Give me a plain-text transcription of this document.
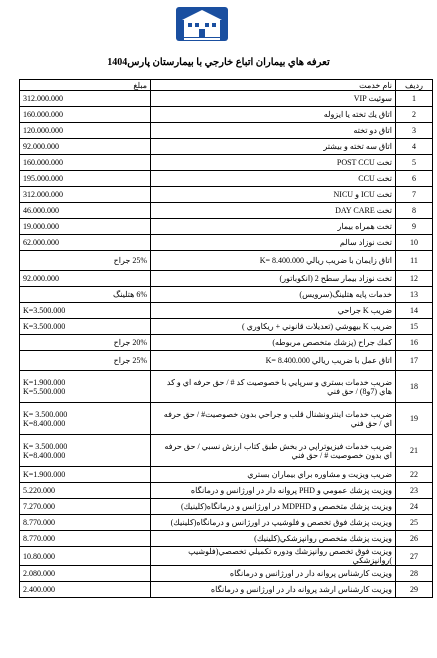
تعرفه هاي بيماران اتباع خارجي با بيمارستان پارس1404
مبلغ	نام خدمت	رديف
312.000.000	سوئيت VIP	1
160.000.000	اتاق يك تخته يا ايزوله	2
120.000.000	اتاق دو تخته	3
92.000.000	اتاق سه تخته و بيشتر	4
160.000.000	تخت POST CCU	5
195.000.000	تخت CCU	6
312.000.000	تخت ICU و NICU	7
46.000.000	تخت DAY CARE	8
19.000.000	تخت همراه بيمار	9
62.000.000	تخت نوزاد سالم	10
25% جراح	اتاق زايمان با ضريب ريالي K= 8.400.000	11
92.000.000	تخت نوزاد بيمار سطح 2 (انكوباتور)	12
6% هتلينگ	خدمات پايه هتلينگ(سرويس)	13
K=3.500.000	ضريب K جراحي	14
K=3.500.000	ضريب K بيهوشي (تعديلات قانوني + ريكاوري )	15
20% جراح	كمك جراح (پزشك متخصص مربوطه)	16
25% جراح	اتاق عمل با ضريب ريالي K= 8.400.000	17
K=1.900.000
K=5.500.000	ضريب خدمات بستري و سرپايي با خصوصيت كد # / حق حرفه اي و كد هاي (7و8) / حق فني	18
K= 3.500.000
K=8.400.000	ضريب خدمات اينترونشنال قلب و جراحي بدون خصوصيت# / حق حرفه اي / حق فني	19
K= 3.500.000
K=8.400.000	ضريب خدمات فيزيوتراپي در بخش طبق كتاب ارزش نسبي / حق حرفه اي بدون خصوصيت # / حق فني	21
K=1.900.000	ضريب ويزيت و مشاوره براي بيماران بستري	22
5.220.000	ويزيت پزشك عمومي و PHD پروانه دار در اورژانس و درمانگاه	23
7.270.000	ويزيت پزشك متخصص و MDPHD در اورژانس و درمانگاه(كلينيك)	24
8.770.000	ويزيت پزشك فوق تخصص و فلوشيپ در اورژانس و درمانگاه(كلينيك)	25
8.770.000	ويزيت پزشك متخصص روانپزشكي(كلينيك)	26
10.80.000	ويزيت فوق تخصص روانپزشك ودوره تكميلي تخصصي(فلوشيپ )روانپزشكي	27
2.080.000	ويزيت كارشناس پروانه دار در اورژانس و درمانگاه	28
2.400.000	ويزيت كارشناس ارشد پروانه دار در اورژانس و درمانگاه	29
